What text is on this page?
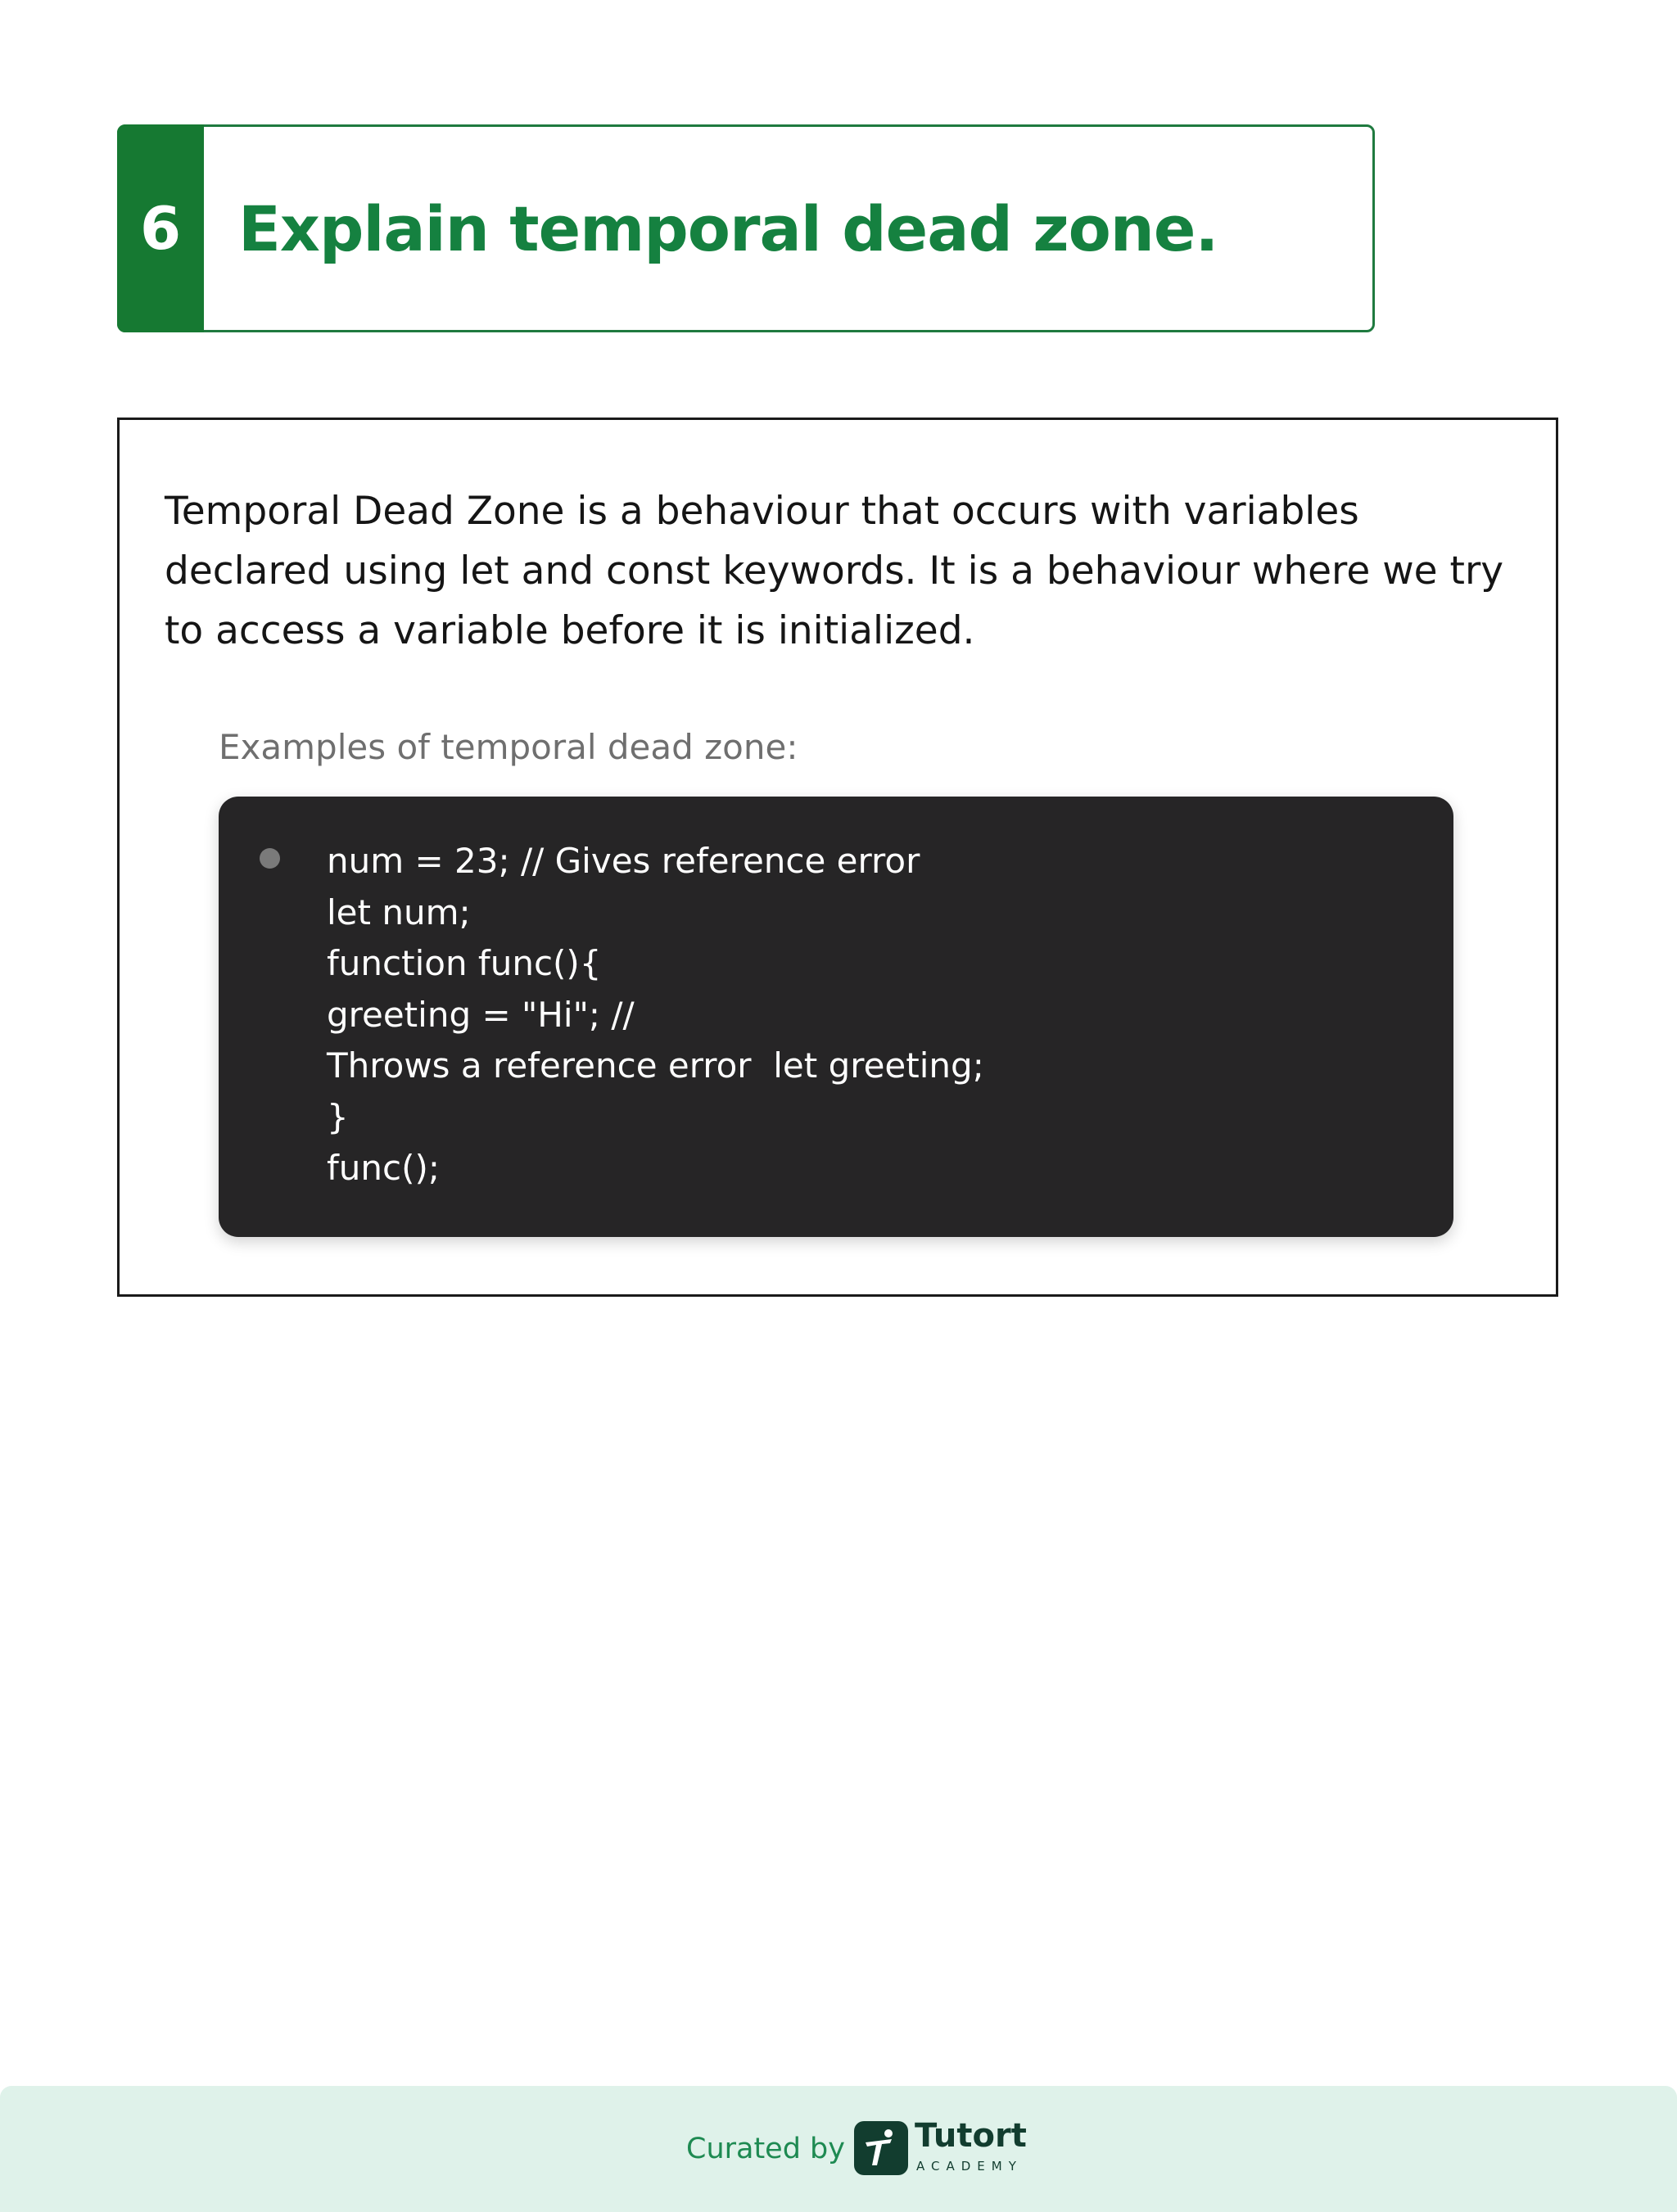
6 Explain temporal dead zone.

Temporal Dead Zone is a behaviour that occurs with variables declared using let and const keywords. It is a behaviour where we try to access a variable before it is initialized.

Examples of temporal dead zone:

num = 23; // Gives reference error
let num;
function func(){
greeting = "Hi"; //
Throws a reference error  let greeting;
}
func();

Curated by Tutort

ACADEMY
